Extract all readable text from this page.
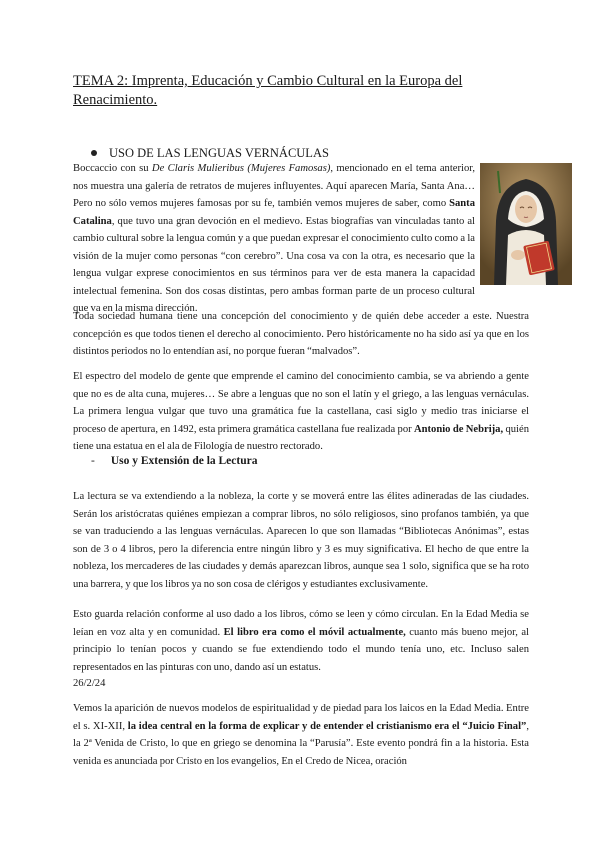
TEMA 2: Imprenta, Educación y Cambio Cultural en la Europa del Renacimiento.
USO DE LAS LENGUAS VERNÁCULAS

Boccaccio con su De Claris Mulieribus (Mujeres Famosas), mencionado en el tema anterior, nos muestra una galería de retratos de mujeres influyentes. Aquí aparecen María, Santa Ana… Pero no sólo vemos mujeres famosas por su fe, también vemos mujeres de saber, como Santa Catalina, que tuvo una gran devoción en el medievo. Estas biografías van vinculadas tanto al cambio cultural sobre la lengua común y a que puedan expresar el conocimiento culto como a la visión de la mujer como personas “con cerebro”. Una cosa va con la otra, es necesario que la lengua vulgar exprese conocimientos en sus términos para ver de esta manera la capacidad intelectual femenina. Son dos cosas distintas, pero ambas forman parte de un proceso cultural que va en la misma dirección.

Toda sociedad humana tiene una concepción del conocimiento y de quién debe acceder a este. Nuestra concepción es que todos tienen el derecho al conocimiento. Pero históricamente no ha sido así ya que en los distintos periodos no lo entendían así, no porque fueran “malvados”.

El espectro del modelo de gente que emprende el camino del conocimiento cambia, se va abriendo a gente que no es de alta cuna, mujeres… Se abre a lenguas que no son el latín y el griego, a las lenguas vernáculas. La primera lengua vulgar que tuvo una gramática fue la castellana, casi siglo y medio tras iniciarse el proceso de apertura, en 1492, esta primera gramática castellana fue realizada por Antonio de Nebrija, quién tiene una estatua en el ala de Filología de nuestro rectorado.

- Uso y Extensión de la Lectura

La lectura se va extendiendo a la nobleza, la corte y se moverá entre las élites adineradas de las ciudades. Serán los aristócratas quiénes empiezan a comprar libros, no sólo religiosos, sino profanos también, ya que se van traduciendo a las lenguas vernáculas. Aparecen lo que son llamadas “Bibliotecas Anónimas”, estas son de 3 o 4 libros, pero la diferencia entre ningún libro y 3 es muy significativa. El hecho de que entre la nobleza, los mercaderes de las ciudades y demás aparezcan libros, aunque sea 1 solo, significa que se ha roto una barrera, y que los libros ya no son cosa de clérigos y estudiantes exclusivamente.

Esto guarda relación conforme al uso dado a los libros, cómo se leen y cómo circulan. En la Edad Media se leían en voz alta y en comunidad. El libro era como el móvil actualmente, cuanto más bueno mejor, al principio lo tenían pocos y cuando se fue extendiendo todo el mundo tenía uno, etc. Incluso salen representados en las pinturas con uno, dando así un estatus.

26/2/24

Vemos la aparición de nuevos modelos de espiritualidad y de piedad para los laicos en la Edad Media. Entre el s. XI-XII, la idea central en la forma de explicar y de entender el cristianismo era el “Juicio Final”, la 2ª Venida de Cristo, lo que en griego se denomina la “Parusía”. Este evento pondrá fin a la historia. Esta venida es anunciada por Cristo en los evangelios, En el Credo de Nicea, oración
